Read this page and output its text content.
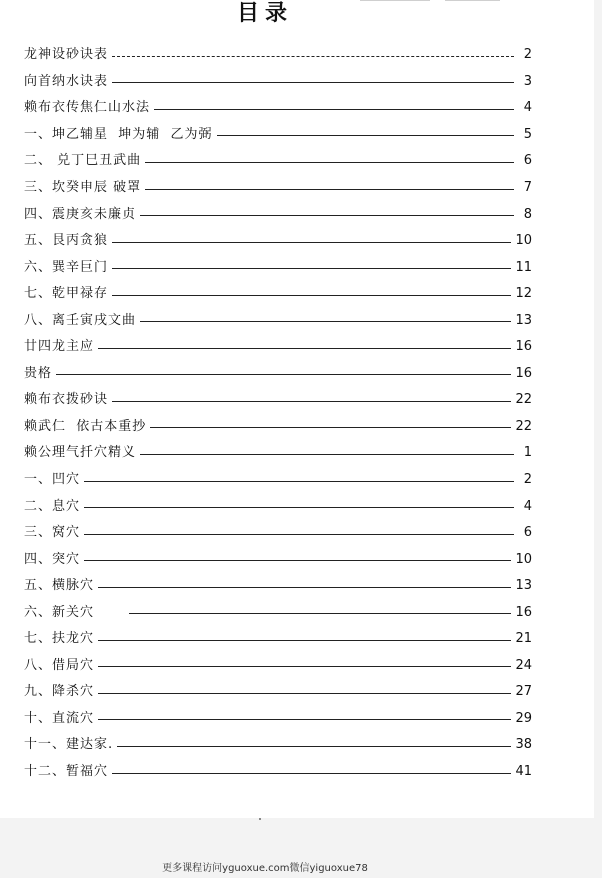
目录
龙神设砂诀表	2
向首纳水诀表	3
赖布衣传焦仁山水法	4
一、坤乙辅星  坤为辅  乙为弼	5
二、 兑丁巳丑武曲	6
三、坎癸申辰 破罩	7
四、震庚亥未廉贞	8
五、艮丙贪狼	10
六、巽辛巨门	11
七、乾甲禄存	12
八、离壬寅戌文曲	13
廿四龙主应	16
贵格	16
赖布衣拨砂诀	22
赖武仁  依古本重抄	22
赖公理气扦穴精义	1
一、凹穴	2
二、息穴	4
三、窝穴	6
四、突穴	10
五、横脉穴	13
六、新关穴	16
七、扶龙穴	21
八、借局穴	24
九、降杀穴	27
十、直流穴	29
十一、建达家.	38
十二、暂福穴	41
更多课程访问yguoxue.com微信yiguoxue78
